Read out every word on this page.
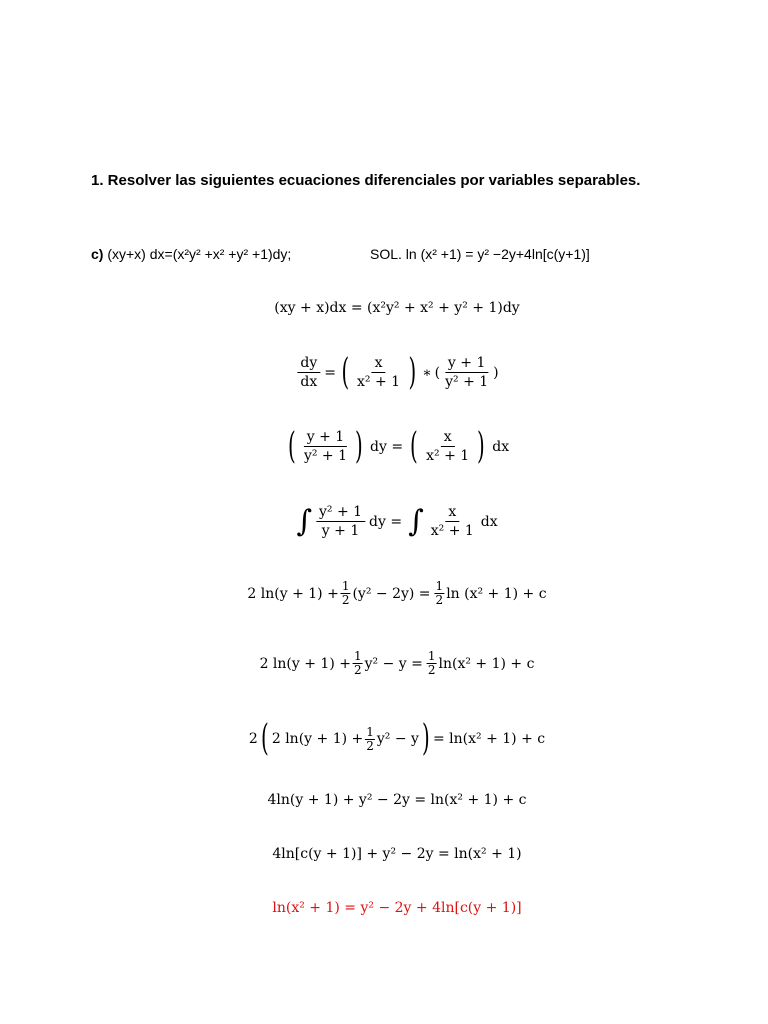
1. Resolver las siguientes ecuaciones diferenciales por variables separables.
c) (xy+x) dx=(x²y² +x² +y² +1)dy;	SOL. ln (x² +1) = y² −2y+4ln[c(y+1)]
(xy + x)dx = (x²y² + x² + y² + 1)dy
$\frac{dy}{dx}$ = ( $\frac{x}{\text{x² + 1}}$ ) ∗ ( $\frac{y + 1}{\text{y² + 1}}$ )
( $\frac{y + 1}{\text{y² + 1}}$ ) dy = ( $\frac{x}{\text{x² + 1}}$ ) dx
∫ $\frac{\text{y² + 1}}{y + 1}$ dy = ∫ $\frac{x}{\text{x² + 1}}$ dx
2 $\ln(y + 1) + \frac{1}{2} (y^2 - 2y) = \frac{1}{2}$ ln (x² + 1) + c
2 $\ln(y + 1) + \frac{1}{2} y^2 - y = \frac{1}{2} \ln(x^2 + 1) + c$
2 ( 2 $\ln(y + 1) + \frac{1}{2} y^2 - y$ ) = ln(x² + 1) + c
4ln(y + 1) + y² − 2y = ln(x² + 1) + c
4ln[c(y + 1)] + y² − 2y = ln(x² + 1)
ln(x² + 1) = y² − 2y + 4ln[c(y + 1)]
